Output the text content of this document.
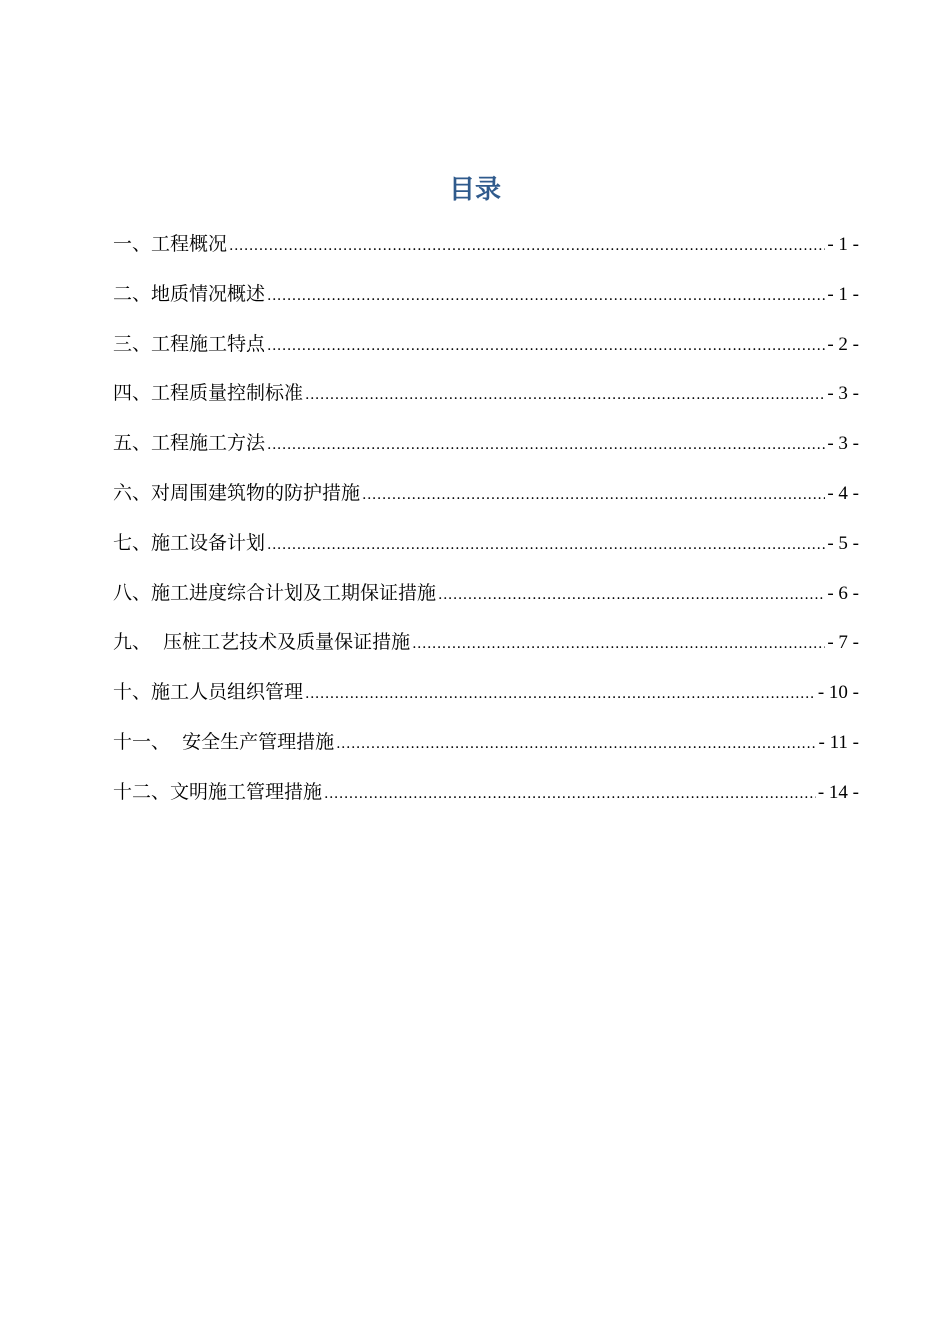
目录
一、工程概况 .....	- 1 -
二、地质情况概述 .....	- 1 -
三、工程施工特点 .....	- 2 -
四、工程质量控制标准 .....	- 3 -
五、工程施工方法 .....	- 3 -
六、对周围建筑物的防护措施 .....	- 4 -
七、施工设备计划 .....	- 5 -
八、施工进度综合计划及工期保证措施 .....	- 6 -
九、  压桩工艺技术及质量保证措施 .....	- 7 -
十、施工人员组织管理 .....	- 10 -
十一、  安全生产管理措施 .....	- 11 -
十二、文明施工管理措施 .....	- 14 -
